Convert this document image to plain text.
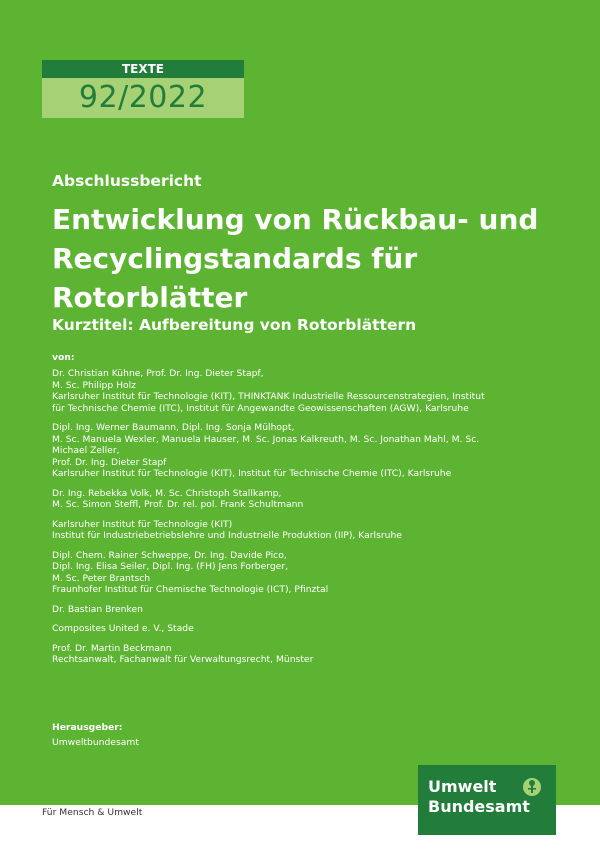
TEXTE
92/2022
Abschlussbericht
Entwicklung von Rückbau- und
Recyclingstandards für
Rotorblätter
Kurztitel: Aufbereitung von Rotorblättern
von:
Dr. Christian Kühne, Prof. Dr. Ing. Dieter Stapf,
M. Sc. Philipp Holz
Karlsruher Institut für Technologie (KIT), THINKTANK Industrielle Ressourcenstrategien, Institut
für Technische Chemie (ITC), Institut für Angewandte Geowissenschaften (AGW), Karlsruhe
Dipl. Ing. Werner Baumann, Dipl. Ing. Sonja Mülhopt,
M. Sc. Manuela Wexler, Manuela Hauser, M. Sc. Jonas Kalkreuth, M. Sc. Jonathan Mahl, M. Sc.
Michael Zeller,
Prof. Dr. Ing. Dieter Stapf
Karlsruher Institut für Technologie (KIT), Institut für Technische Chemie (ITC), Karlsruhe
Dr. Ing. Rebekka Volk, M. Sc. Christoph Stallkamp,
M. Sc. Simon Steffl, Prof. Dr. rel. pol. Frank Schultmann
Karlsruher Institut für Technologie (KIT)
Institut für Industriebetriebslehre und Industrielle Produktion (IIP), Karlsruhe
Dipl. Chem. Rainer Schweppe, Dr. Ing. Davide Pico,
Dipl. Ing. Elisa Seiler, Dipl. Ing. (FH) Jens Forberger,
M. Sc. Peter Brantsch
Fraunhofer Institut für Chemische Technologie (ICT), Pfinztal
Dr. Bastian Brenken
Composites United e. V., Stade
Prof. Dr. Martin Beckmann
Rechtsanwalt, Fachanwalt für Verwaltungsrecht, Münster
Herausgeber:
Umweltbundesamt
Umwelt
Bundesamt
Für Mensch & Umwelt
